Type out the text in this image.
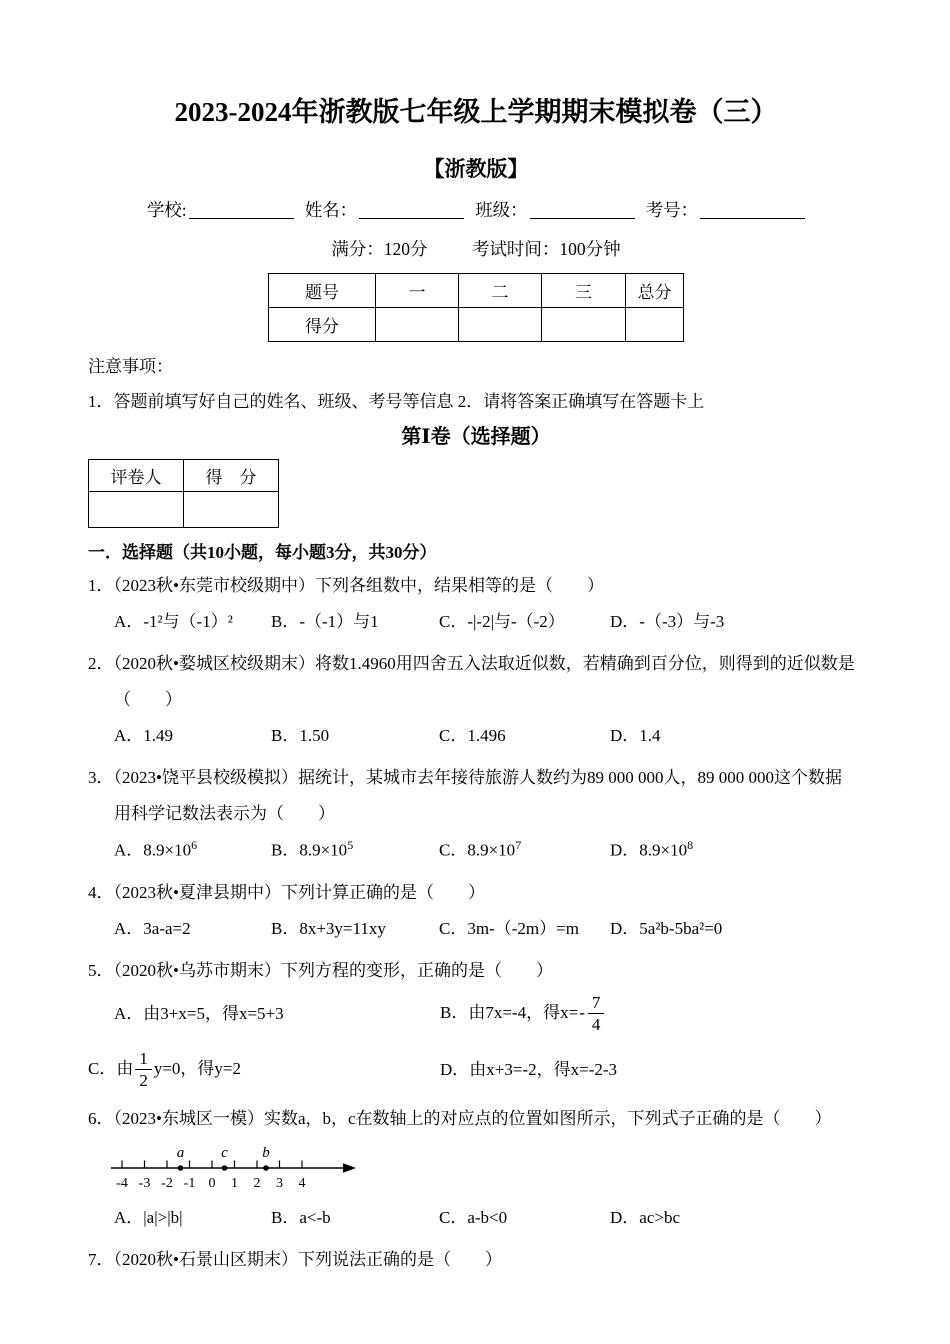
2023-2024年浙教版七年级上学期期末模拟卷（三）
【浙教版】
学校:	姓名：	班级：	考号：
满分：120分	考试时间：100分钟
题号	一	二	三	总分
得分				
注意事项：
1．答题前填写好自己的姓名、班级、考号等信息 2．请将答案正确填写在答题卡上
第Ⅰ卷（选择题）
评卷人	得　分

一．选择题（共10小题，每小题3分，共30分）

1．（2023秋•东莞市校级期中）下列各组数中，结果相等的是（　　）

A．-1²与（-1）²	B．-（-1）与1	C．-|-2|与-（-2）	D．-（-3）与-3

2．（2020秋•婺城区校级期末）将数1.4960用四舍五入法取近似数，若精确到百分位，则得到的近似数是

（　　）

A．1.49	B．1.50	C．1.496	D．1.4

3．（2023•饶平县校级模拟）据统计，某城市去年接待旅游人数约为89 000 000人，89 000 000这个数据

用科学记数法表示为（　　）

A．$8.9\times 10^6$	B．$8.9\times 10^5$	C．$8.9\times 10^7$	D．$8.9\times 10^8$

4．（2023秋•夏津县期中）下列计算正确的是（　　）

A．3a-a=2	B．8x+3y=11xy	C．3m-（-2m）=m	D．5a²b-5ba²=0

5．（2020秋•乌苏市期末）下列方程的变形，正确的是（　　）

A．由3+x=5，得x=5+3	B．由7x=-4，得$x=- \frac{7}{4}$
C．由 $\frac{1}{2} y=0$，得y=2	D．由x+3=-2，得x=-2-3

6．（2023•东城区一模）实数a，b，c在数轴上的对应点的位置如图所示，下列式子正确的是（　　）

a c b
-4 -3 -2 -1 0 1 2 3 4
A．|a|>|b|	B．a<-b	C．a-b<0	D．ac>bc

7．（2020秋•石景山区期末）下列说法正确的是（　　）
